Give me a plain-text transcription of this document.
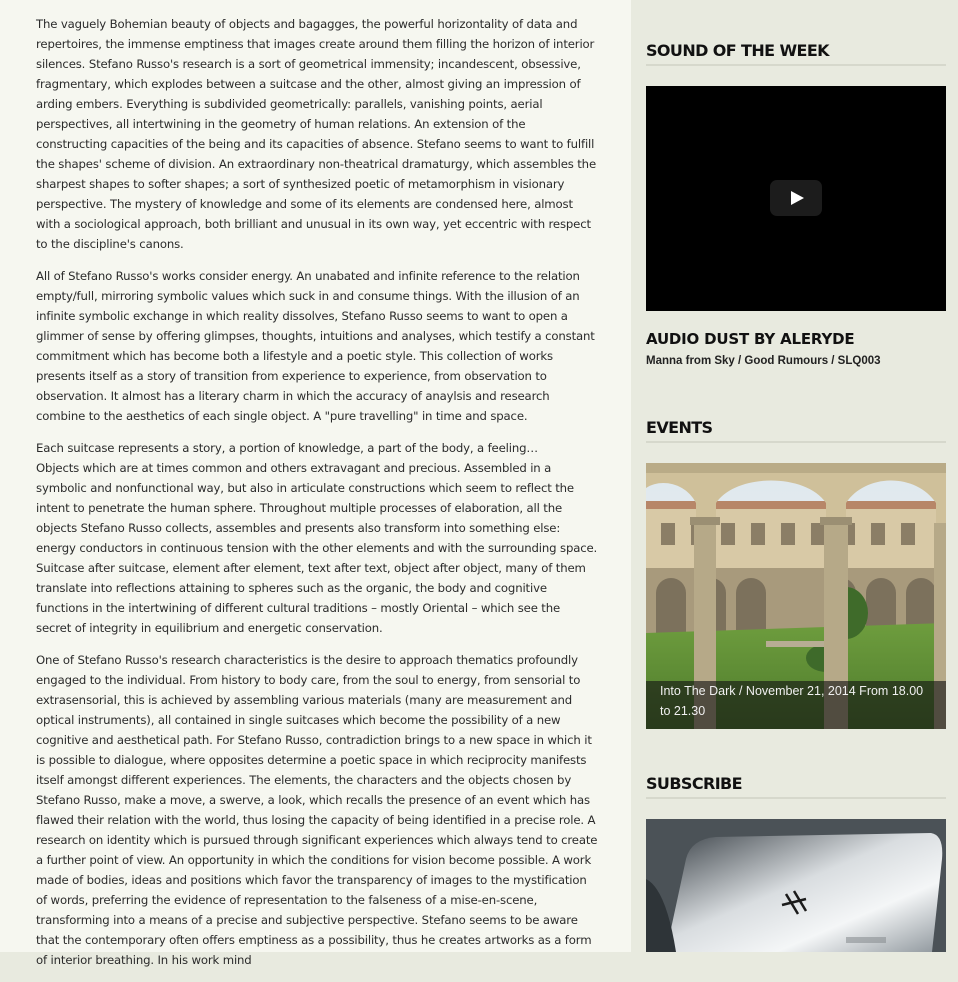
The vaguely Bohemian beauty of objects and bagagges, the powerful horizontality of data and repertoires, the immense emptiness that images create around them filling the horizon of interior silences. Stefano Russo's research is a sort of geometrical immensity; incandescent, obsessive, fragmentary, which explodes between a suitcase and the other, almost giving an impression of arding embers. Everything is subdivided geometrically: parallels, vanishing points, aerial perspectives, all intertwining in the geometry of human relations. An extension of the constructing capacities of the being and its capacities of absence. Stefano seems to want to fulfill the shapes' scheme of division. An extraordinary non-theatrical dramaturgy, which assembles the sharpest shapes to softer shapes; a sort of synthesized poetic of metamorphism in visionary perspective. The mystery of knowledge and some of its elements are condensed here, almost with a sociological approach, both brilliant and unusual in its own way, yet eccentric with respect to the discipline's canons.

All of Stefano Russo's works consider energy. An unabated and infinite reference to the relation empty/full, mirroring symbolic values which suck in and consume things. With the illusion of an infinite symbolic exchange in which reality dissolves, Stefano Russo seems to want to open a glimmer of sense by offering glimpses, thoughts, intuitions and analyses, which testify a constant commitment which has become both a lifestyle and a poetic style. This collection of works presents itself as a story of transition from experience to experience, from observation to observation. It almost has a literary charm in which the accuracy of anaylsis and research combine to the aesthetics of each single object. A "pure travelling" in time and space.

Each suitcase represents a story, a portion of knowledge, a part of the body, a feeling…
Objects which are at times common and others extravagant and precious. Assembled in a symbolic and nonfunctional way, but also in articulate constructions which seem to reflect the intent to penetrate the human sphere. Throughout multiple processes of elaboration, all the objects Stefano Russo collects, assembles and presents also transform into something else: energy conductors in continuous tension with the other elements and with the surrounding space. Suitcase after suitcase, element after element, text after text, object after object, many of them translate into reflections attaining to spheres such as the organic, the body and cognitive functions in the intertwining of different cultural traditions – mostly Oriental – which see the secret of integrity in equilibrium and energetic conservation.

One of Stefano Russo's research characteristics is the desire to approach thematics profoundly engaged to the individual. From history to body care, from the soul to energy, from sensorial to extrasensorial, this is achieved by assembling various materials (many are measurement and optical instruments), all contained in single suitcases which become the possibility of a new cognitive and aesthetical path. For Stefano Russo, contradiction brings to a new space in which it is possible to dialogue, where opposites determine a poetic space in which reciprocity manifests itself amongst different experiences. The elements, the characters and the objects chosen by Stefano Russo, make a move, a swerve, a look, which recalls the presence of an event which has flawed their relation with the world, thus losing the capacity of being identified in a precise role. A research on identity which is pursued through significant experiences which always tend to create a further point of view. An opportunity in which the conditions for vision become possible. A work made of bodies, ideas and positions which favor the transparency of images to the mystification of words, preferring the evidence of representation to the falseness of a mise-en-scene, transforming into a means of a precise and subjective perspective. Stefano seems to be aware that the contemporary often offers emptiness as a possibility, thus he creates artworks as a form of interior breathing. In his work mind

SOUND OF THE WEEK
AUDIO DUST BY ALERYDE
Manna from Sky / Good Rumours / SLQ003
EVENTS
Into The Dark / November 21, 2014 From 18.00 to 21.30
SUBSCRIBE
